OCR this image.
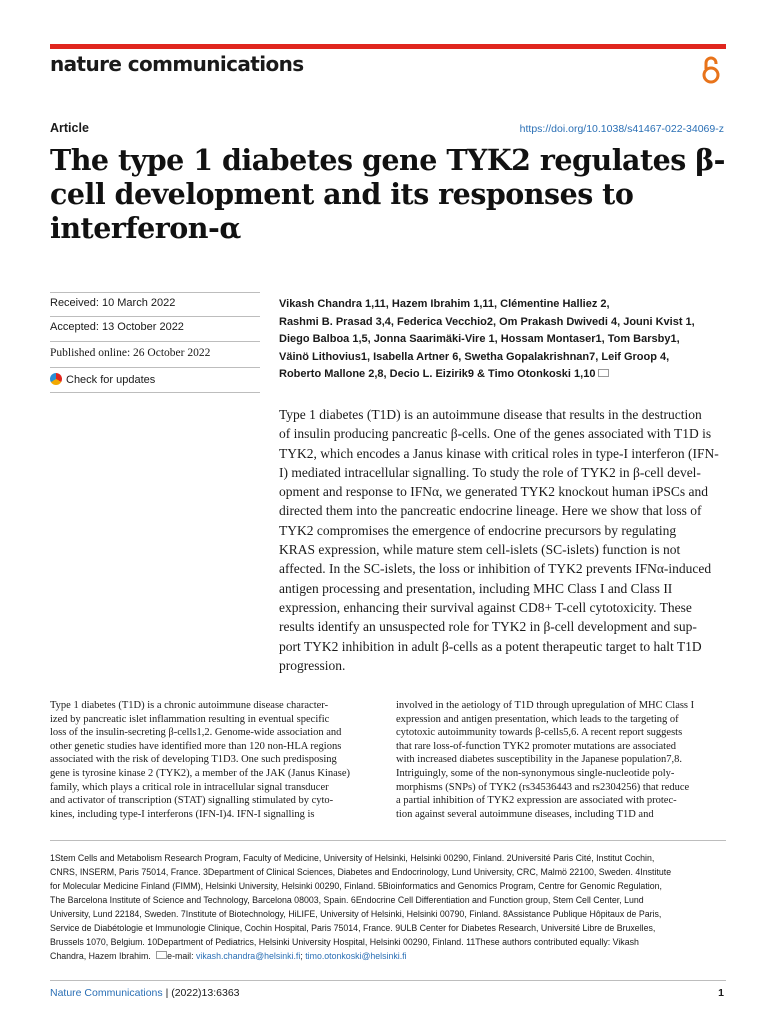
nature communications
Article	https://doi.org/10.1038/s41467-022-34069-z
The type 1 diabetes gene TYK2 regulates β-
cell development and its responses to
interferon-α
Received: 10 March 2022
Accepted: 13 October 2022
Published online: 26 October 2022
Check for updates
Vikash Chandra 1,11, Hazem Ibrahim 1,11, Clémentine Halliez 2,
Rashmi B. Prasad 3,4, Federica Vecchio2, Om Prakash Dwivedi 4, Jouni Kvist 1,
Diego Balboa 1,5, Jonna Saarimäki-Vire 1, Hossam Montaser1, Tom Barsby1,
Väinö Lithovius1, Isabella Artner 6, Swetha Gopalakrishnan7, Leif Groop 4,
Roberto Mallone 2,8, Decio L. Eizirik9 & Timo Otonkoski 1,10
Type 1 diabetes (T1D) is an autoimmune disease that results in the destruction
of insulin producing pancreatic β-cells. One of the genes associated with T1D is
TYK2, which encodes a Janus kinase with critical roles in type-I interferon (IFN-
I) mediated intracellular signalling. To study the role of TYK2 in β-cell devel-
opment and response to IFNα, we generated TYK2 knockout human iPSCs and
directed them into the pancreatic endocrine lineage. Here we show that loss of
TYK2 compromises the emergence of endocrine precursors by regulating
KRAS expression, while mature stem cell-islets (SC-islets) function is not
affected. In the SC-islets, the loss or inhibition of TYK2 prevents IFNα-induced
antigen processing and presentation, including MHC Class I and Class II
expression, enhancing their survival against CD8+ T-cell cytotoxicity. These
results identify an unsuspected role for TYK2 in β-cell development and sup-
port TYK2 inhibition in adult β-cells as a potent therapeutic target to halt T1D
progression.
Type 1 diabetes (T1D) is a chronic autoimmune disease character-
ized by pancreatic islet inflammation resulting in eventual specific
loss of the insulin-secreting β-cells1,2. Genome-wide association and
other genetic studies have identified more than 120 non-HLA regions
associated with the risk of developing T1D3. One such predisposing
gene is tyrosine kinase 2 (TYK2), a member of the JAK (Janus Kinase)
family, which plays a critical role in intracellular signal transducer
and activator of transcription (STAT) signalling stimulated by cyto-
kines, including type-I interferons (IFN-I)4. IFN-I signalling is
involved in the aetiology of T1D through upregulation of MHC Class I
expression and antigen presentation, which leads to the targeting of
cytotoxic autoimmunity towards β-cells5,6. A recent report suggests
that rare loss-of-function TYK2 promoter mutations are associated
with increased diabetes susceptibility in the Japanese population7,8.
Intriguingly, some of the non-synonymous single-nucleotide poly-
morphisms (SNPs) of TYK2 (rs34536443 and rs2304256) that reduce
a partial inhibition of TYK2 expression are associated with protec-
tion against several autoimmune diseases, including T1D and
1Stem Cells and Metabolism Research Program, Faculty of Medicine, University of Helsinki, Helsinki 00290, Finland. 2Université Paris Cité, Institut Cochin,
CNRS, INSERM, Paris 75014, France. 3Department of Clinical Sciences, Diabetes and Endocrinology, Lund University, CRC, Malmö 22100, Sweden. 4Institute
for Molecular Medicine Finland (FIMM), Helsinki University, Helsinki 00290, Finland. 5Bioinformatics and Genomics Program, Centre for Genomic Regulation,
The Barcelona Institute of Science and Technology, Barcelona 08003, Spain. 6Endocrine Cell Differentiation and Function group, Stem Cell Center, Lund
University, Lund 22184, Sweden. 7Institute of Biotechnology, HiLIFE, University of Helsinki, Helsinki 00790, Finland. 8Assistance Publique Hôpitaux de Paris,
Service de Diabétologie et Immunologie Clinique, Cochin Hospital, Paris 75014, France. 9ULB Center for Diabetes Research, Université Libre de Bruxelles,
Brussels 1070, Belgium. 10Department of Pediatrics, Helsinki University Hospital, Helsinki 00290, Finland. 11These authors contributed equally: Vikash
Chandra, Hazem Ibrahim. e-mail: vikash.chandra@helsinki.fi; timo.otonkoski@helsinki.fi
Nature Communications | (2022)13:6363	1
